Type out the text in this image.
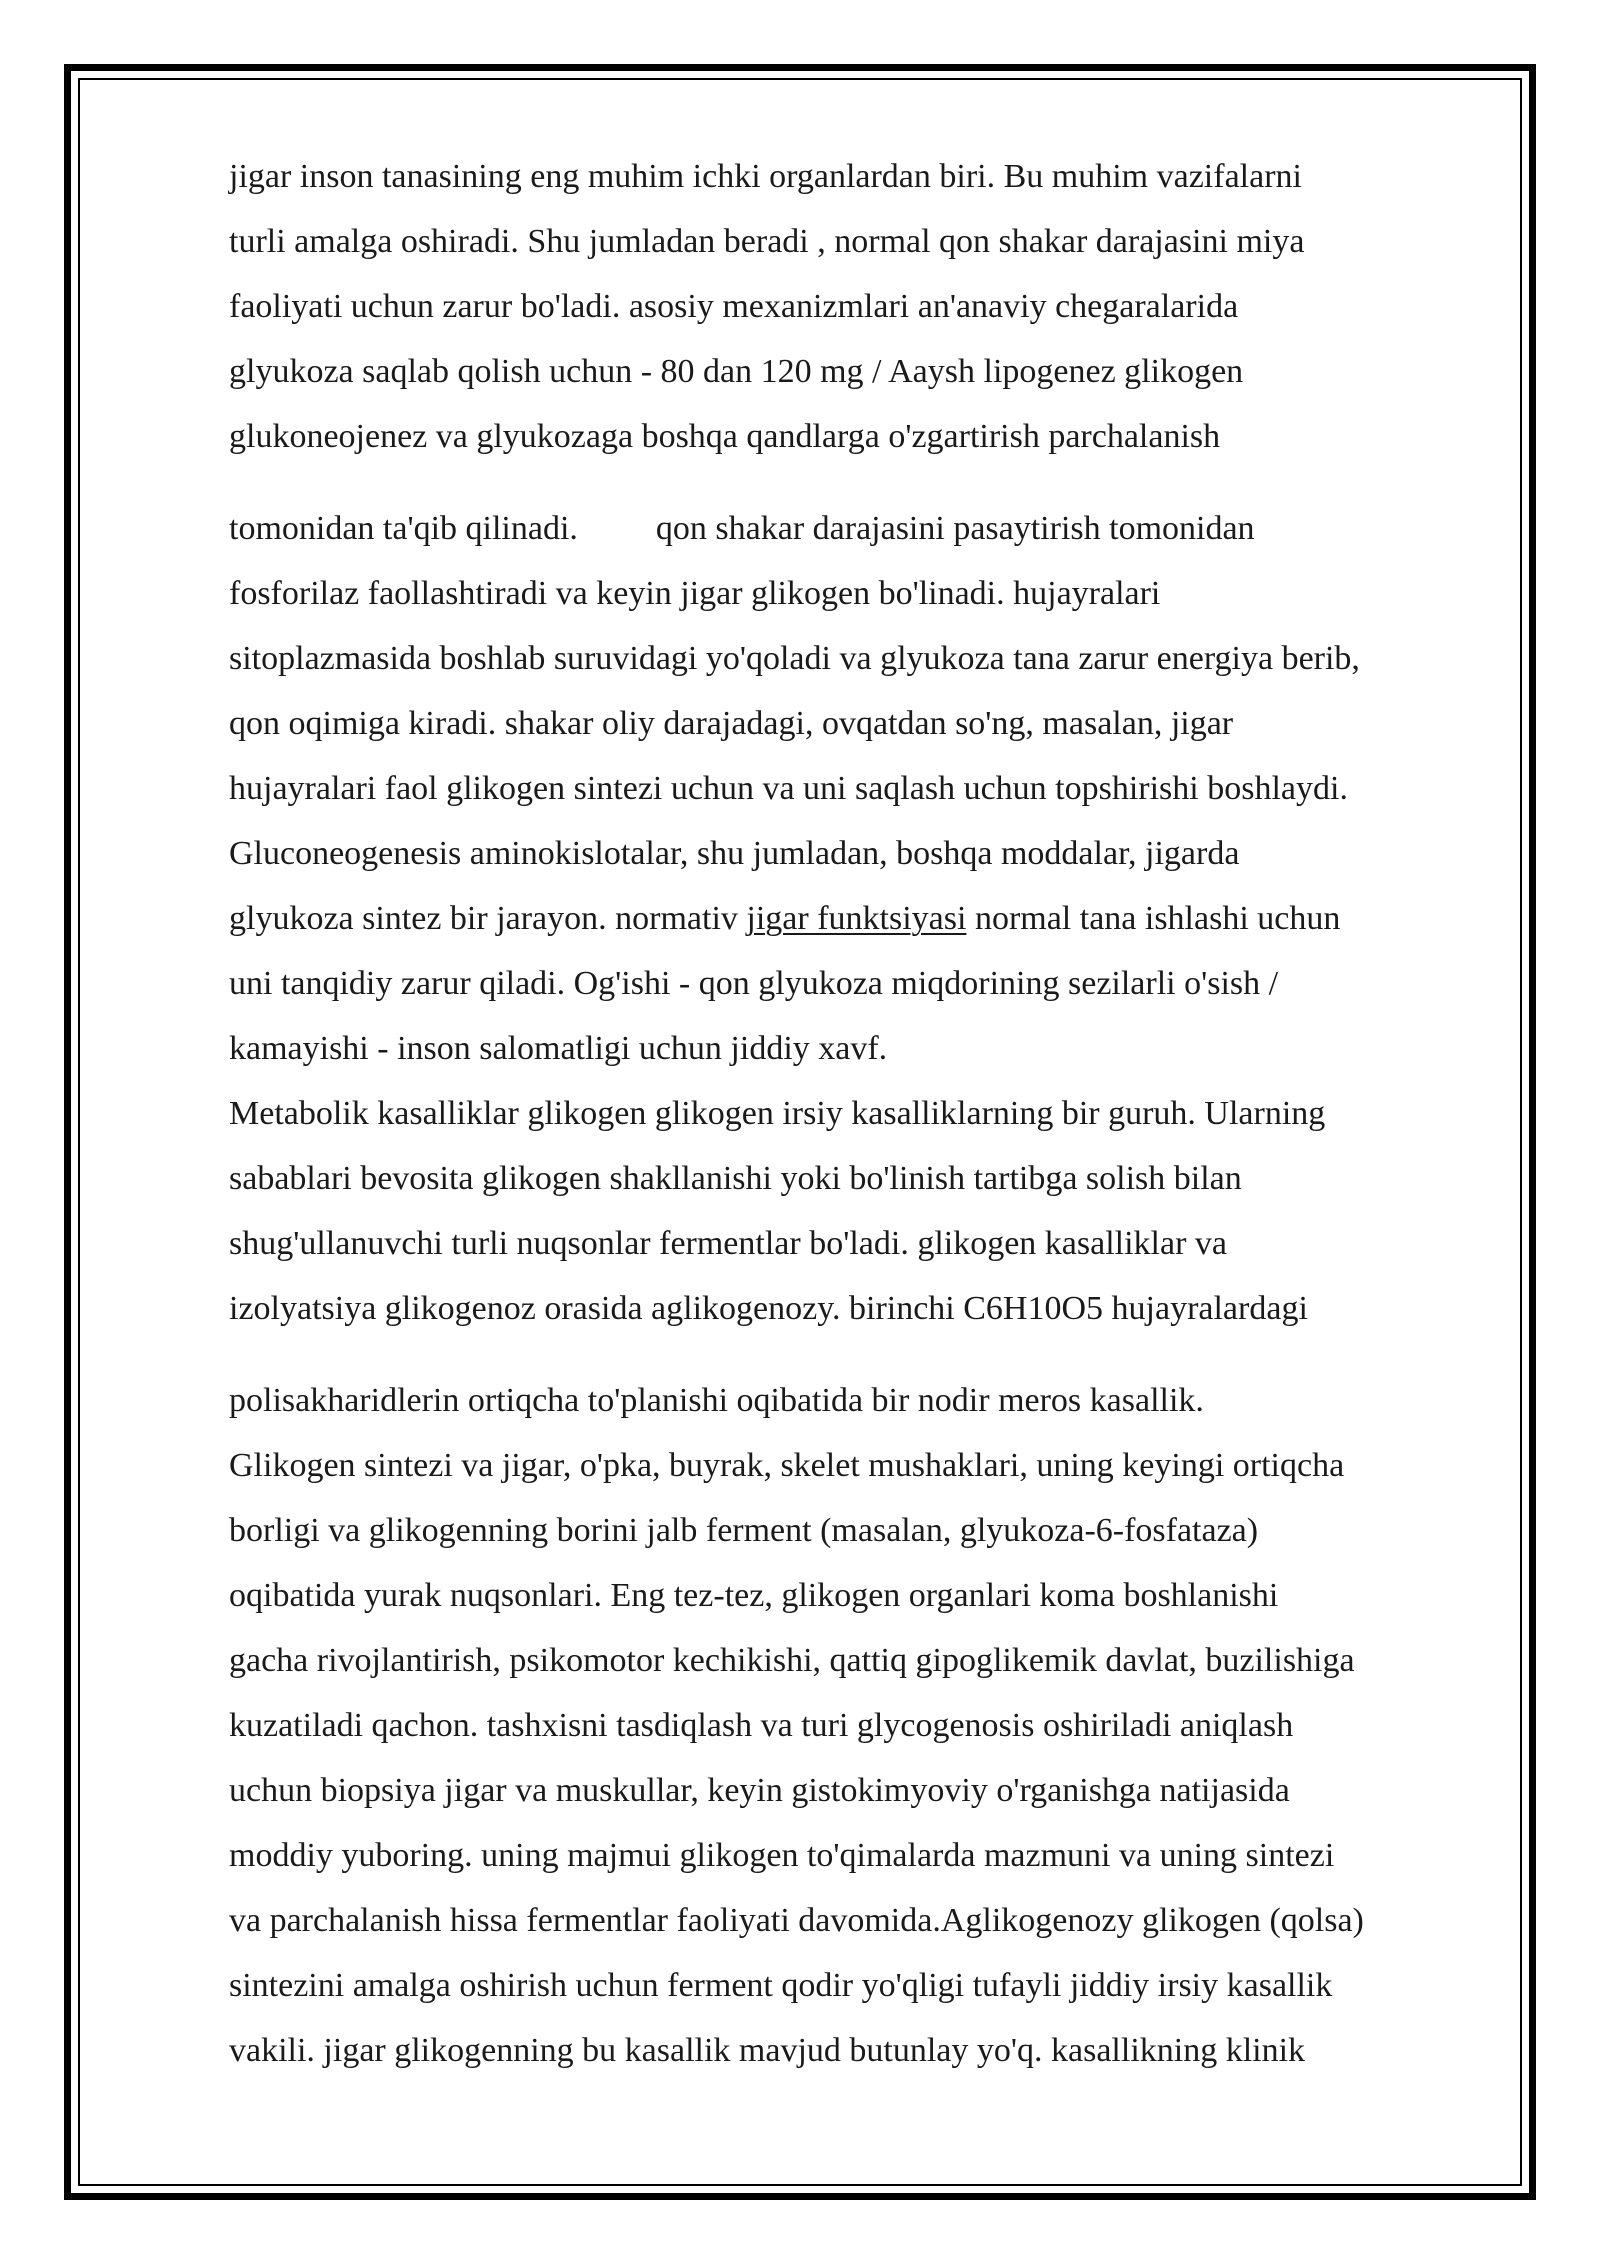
jigar inson tanasining eng muhim ichki organlardan biri. Bu muhim vazifalarni
turli amalga oshiradi. Shu jumladan beradi , normal qon shakar darajasini miya
faoliyati uchun zarur bo'ladi. asosiy mexanizmlari an'anaviy chegaralarida
glyukoza saqlab qolish uchun - 80 dan 120 mg / Aaysh lipogenez glikogen
glukoneojenez va glyukozaga boshqa qandlarga o'zgartirish parchalanish
tomonidan ta'qib qilinadi. qon shakar darajasini pasaytirish tomonidan
fosforilaz faollashtiradi va keyin jigar glikogen bo'linadi. hujayralari
sitoplazmasida boshlab suruvidagi yo'qoladi va glyukoza tana zarur energiya berib,
qon oqimiga kiradi. shakar oliy darajadagi, ovqatdan so'ng, masalan, jigar
hujayralari faol glikogen sintezi uchun va uni saqlash uchun topshirishi boshlaydi.
Gluconeogenesis aminokislotalar, shu jumladan, boshqa moddalar, jigarda
glyukoza sintez bir jarayon. normativ jigar funktsiyasi normal tana ishlashi uchun
uni tanqidiy zarur qiladi. Og'ishi - qon glyukoza miqdorining sezilarli o'sish /
kamayishi - inson salomatligi uchun jiddiy xavf.
Metabolik kasalliklar glikogen glikogen irsiy kasalliklarning bir guruh. Ularning
sabablari bevosita glikogen shakllanishi yoki bo'linish tartibga solish bilan
shug'ullanuvchi turli nuqsonlar fermentlar bo'ladi. glikogen kasalliklar va
izolyatsiya glikogenoz orasida aglikogenozy. birinchi C6H10O5 hujayralardagi
polisakharidlerin ortiqcha to'planishi oqibatida bir nodir meros kasallik.
Glikogen sintezi va jigar, o'pka, buyrak, skelet mushaklari, uning keyingi ortiqcha
borligi va glikogenning borini jalb ferment (masalan, glyukoza-6-fosfataza)
oqibatida yurak nuqsonlari. Eng tez-tez, glikogen organlari koma boshlanishi
gacha rivojlantirish, psikomotor kechikishi, qattiq gipoglikemik davlat, buzilishiga
kuzatiladi qachon. tashxisni tasdiqlash va turi glycogenosis oshiriladi aniqlash
uchun biopsiya jigar va muskullar, keyin gistokimyoviy o'rganishga natijasida
moddiy yuboring. uning majmui glikogen to'qimalarda mazmuni va uning sintezi
va parchalanish hissa fermentlar faoliyati davomida.Aglikogenozy glikogen (qolsa)
sintezini amalga oshirish uchun ferment qodir yo'qligi tufayli jiddiy irsiy kasallik
vakili. jigar glikogenning bu kasallik mavjud butunlay yo'q. kasallikning klinik
